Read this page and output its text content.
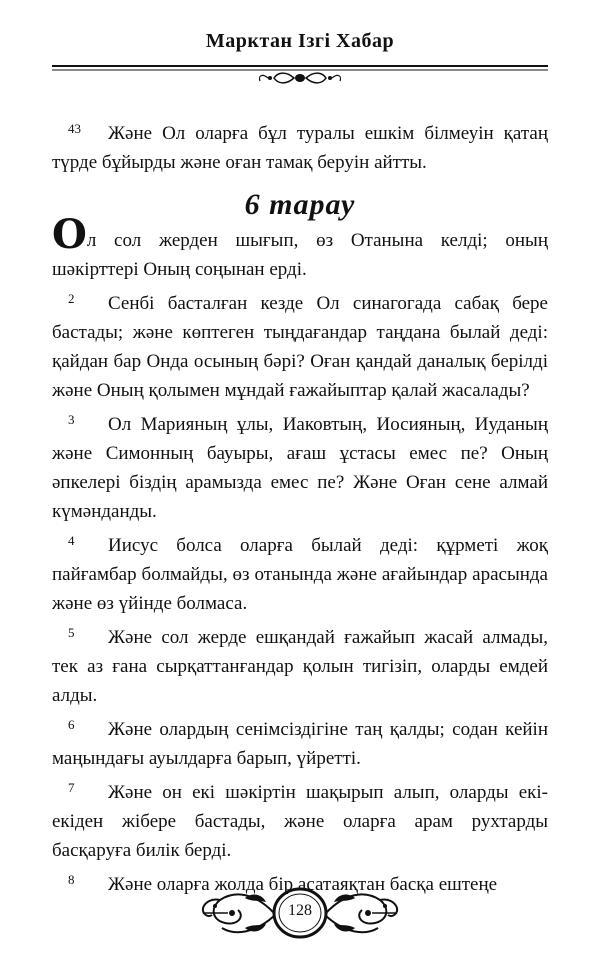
Марктан Ізгі Хабар

43 Және Ол оларға бұл туралы ешкім білмеуін қатаң түрде бұйырды және оған тамақ беруін айтты.

6 тарау

Ол сол жерден шығып, өз Отанына келді; оның шәкірттері Оның соңынан ерді.

2 Сенбі басталған кезде Ол синагогада сабақ бере бастады; және көптеген тыңдағандар таңдана былай деді: қайдан бар Онда осының бәрі? Оған қандай даналық берілді және Оның қолымен мұндай ғажайыптар қалай жасалады?

3 Ол Марияның ұлы, Иаковтың, Иосияның, Иуданың және Симонның бауыры, ағаш ұстасы емес пе? Оның әпкелері біздің арамызда емес пе? Және Оған сене алмай күмәнданды.

4 Иисус болса оларға былай деді: құрметі жоқ пайғамбар болмайды, өз отанында және ағайындар арасында және өз үйінде болмаса.

5 Және сол жерде ешқандай ғажайып жасай алмады, тек аз ғана сырқаттанғандар қолын тигізіп, оларды емдей алды.

6 Және олардың сенімсіздігіне таң қалды; содан кейін маңындағы ауылдарға барып, үйретті.

7 Және он екі шәкіртін шақырып алып, оларды екі-екіден жібере бастады, және оларға арам рухтарды басқаруға билік берді.

8 Және оларға жолда бір асатаяқтан басқа ештеңе

128
